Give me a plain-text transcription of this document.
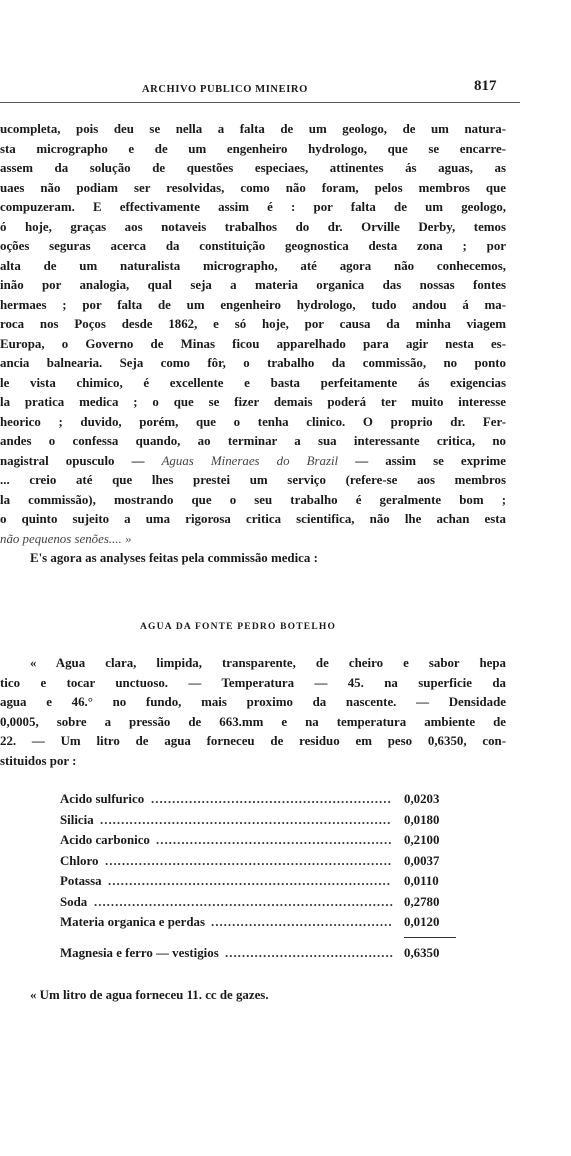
ARCHIVO PUBLICO MINEIRO	817
ucompleta, pois deu se nella a falta de um geologo, de um natura-
sta micrographo e de um engenheiro hydrologo, que se encarre-
assem da solução de questões especiaes, attinentes ás aguas, as
uaes não podiam ser resolvidas, como não foram, pelos membros que
compuzeram. E effectivamente assim é : por falta de um geologo,
ó hoje, graças aos notaveis trabalhos do dr. Orville Derby, temos
oções seguras acerca da constituição geognostica desta zona ; por
alta de um naturalista micrographo, até agora não conhecemos,
inão por analogia, qual seja a materia organica das nossas fontes
hermaes ; por falta de um engenheiro hydrologo, tudo andou á ma-
roca nos Poços desde 1862, e só hoje, por causa da minha viagem
Europa, o Governo de Minas ficou apparelhado para agir nesta es-
ancia balnearia. Seja como fôr, o trabalho da commissão, no ponto
le vista chimico, é excellente e basta perfeitamente ás exigencias
la pratica medica ; o que se fizer demais poderá ter muito interesse
heorico ; duvido, porém, que o tenha clinico. O proprio dr. Fer-
andes o confessa quando, ao terminar a sua interessante critica, no
nagistral opusculo — Aguas Mineraes do Brazil — assim se exprime
... creio até que lhes prestei um serviço (refere-se aos membros
la commissão), mostrando que o seu trabalho é geralmente bom ;
o quinto sujeito a uma rigorosa critica scientifica, não lhe achan esta
não pequenos senões.... »
E's agora as analyses feitas pela commissão medica :
AGUA DA FONTE PEDRO BOTELHO
« Agua clara, limpida, transparente, de cheiro e sabor hepa
tico e tocar unctuoso. — Temperatura — 45. na superficie da
agua e 46.° no fundo, mais proximo da nascente. — Densidade
0,0005, sobre a pressão de 663.mm e na temperatura ambiente de
22. — Um litro de agua forneceu de residuo em peso 0,6350, con-
stituidos por :
Acido sulfurico ......................................................... 0,0203
Silicia ..................................................................... 0,0180
Acido carbonico ........................................................ 0,2100
Chloro .................................................................... 0,0037
Potassa ................................................................... 0,0110
Soda ....................................................................... 0,2780
Materia organica e perdas ........................................... 0,0120
Magnesia e ferro — vestigios ........................................ 0,6350
« Um litro de agua forneceu 11. cc de gazes.
